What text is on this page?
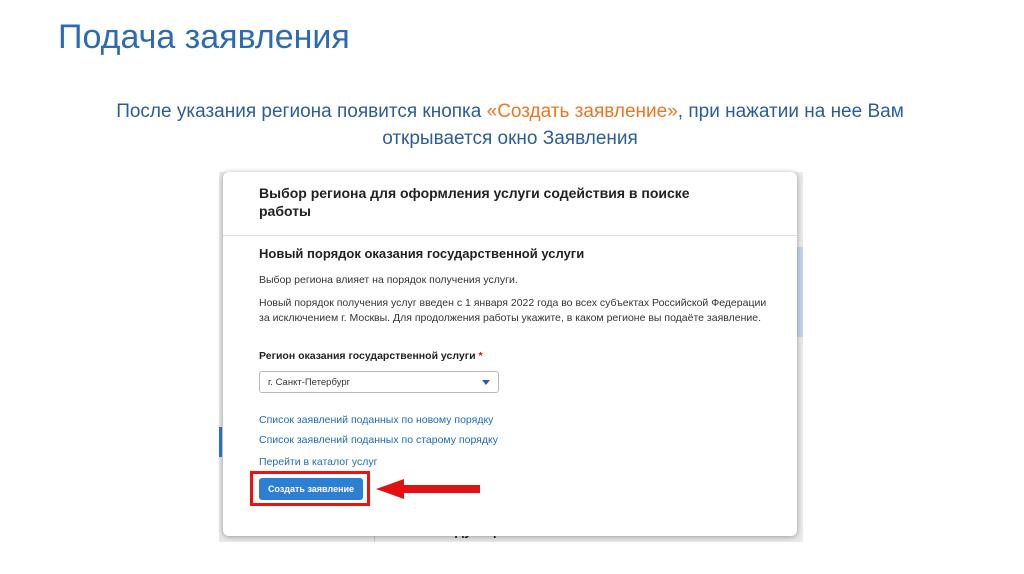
Подача заявления
После указания региона появится кнопка «Создать заявление», при нажатии на нее Вам открывается окно Заявления
Выбор региона для оформления услуги содействия в поиске работы
Новый порядок оказания государственной услуги
Выбор региона влияет на порядок получения услуги.
Новый порядок получения услуг введен с 1 января 2022 года во всех субъектах Российской Федерации за исключением г. Москвы. Для продолжения работы укажите, в каком регионе вы подаёте заявление.
Регион оказания государственной услуги *
г. Санкт-Петербург
Список заявлений поданных по новому порядку
Список заявлений поданных по старому порядку
Перейти в каталог услуг
Создать заявление
